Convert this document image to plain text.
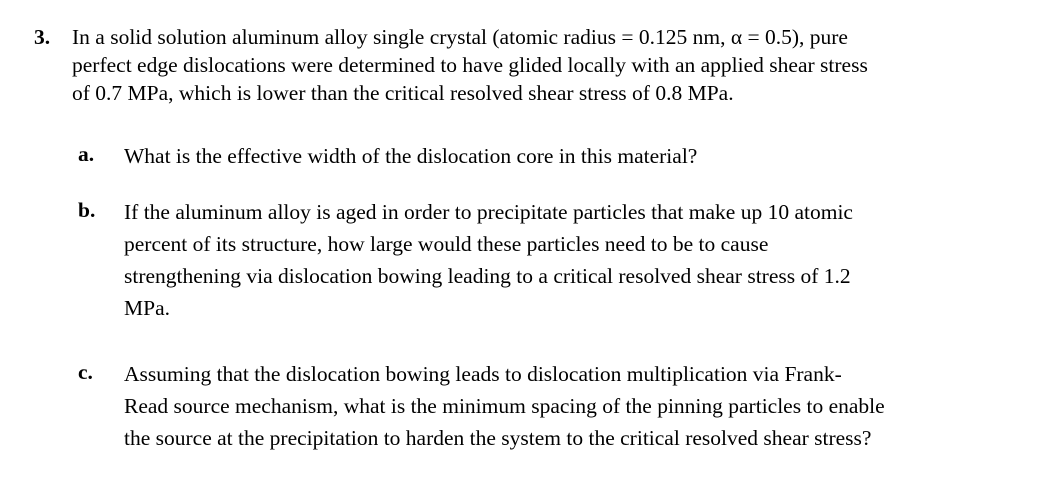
3. In a solid solution aluminum alloy single crystal (atomic radius = 0.125 nm, α = 0.5), pure
perfect edge dislocations were determined to have glided locally with an applied shear stress
of 0.7 MPa, which is lower than the critical resolved shear stress of 0.8 MPa.
a. What is the effective width of the dislocation core in this material?
b. If the aluminum alloy is aged in order to precipitate particles that make up 10 atomic
percent of its structure, how large would these particles need to be to cause
strengthening via dislocation bowing leading to a critical resolved shear stress of 1.2
MPa.
c. Assuming that the dislocation bowing leads to dislocation multiplication via Frank-
Read source mechanism, what is the minimum spacing of the pinning particles to enable
the source at the precipitation to harden the system to the critical resolved shear stress?
